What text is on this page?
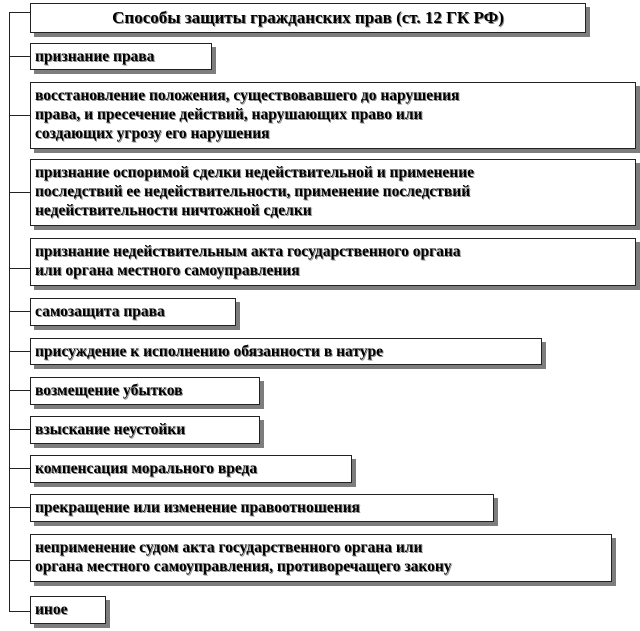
Способы защиты гражданских прав (ст. 12 ГК РФ)
признание права
восстановление положения, существовавшего до нарушения
права, и пресечение действий, нарушающих право или
создающих угрозу его нарушения
признание оспоримой сделки недействительной и применение
последствий ее недействительности, применение последствий
недействительности ничтожной сделки
признание недействительным акта государственного органа
или органа местного самоуправления
самозащита права
присуждение к исполнению обязанности в натуре
возмещение убытков
взыскание неустойки
компенсация морального вреда
прекращение или изменение правоотношения
неприменение судом акта государственного органа или
органа местного самоуправления, противоречащего закону
иное
